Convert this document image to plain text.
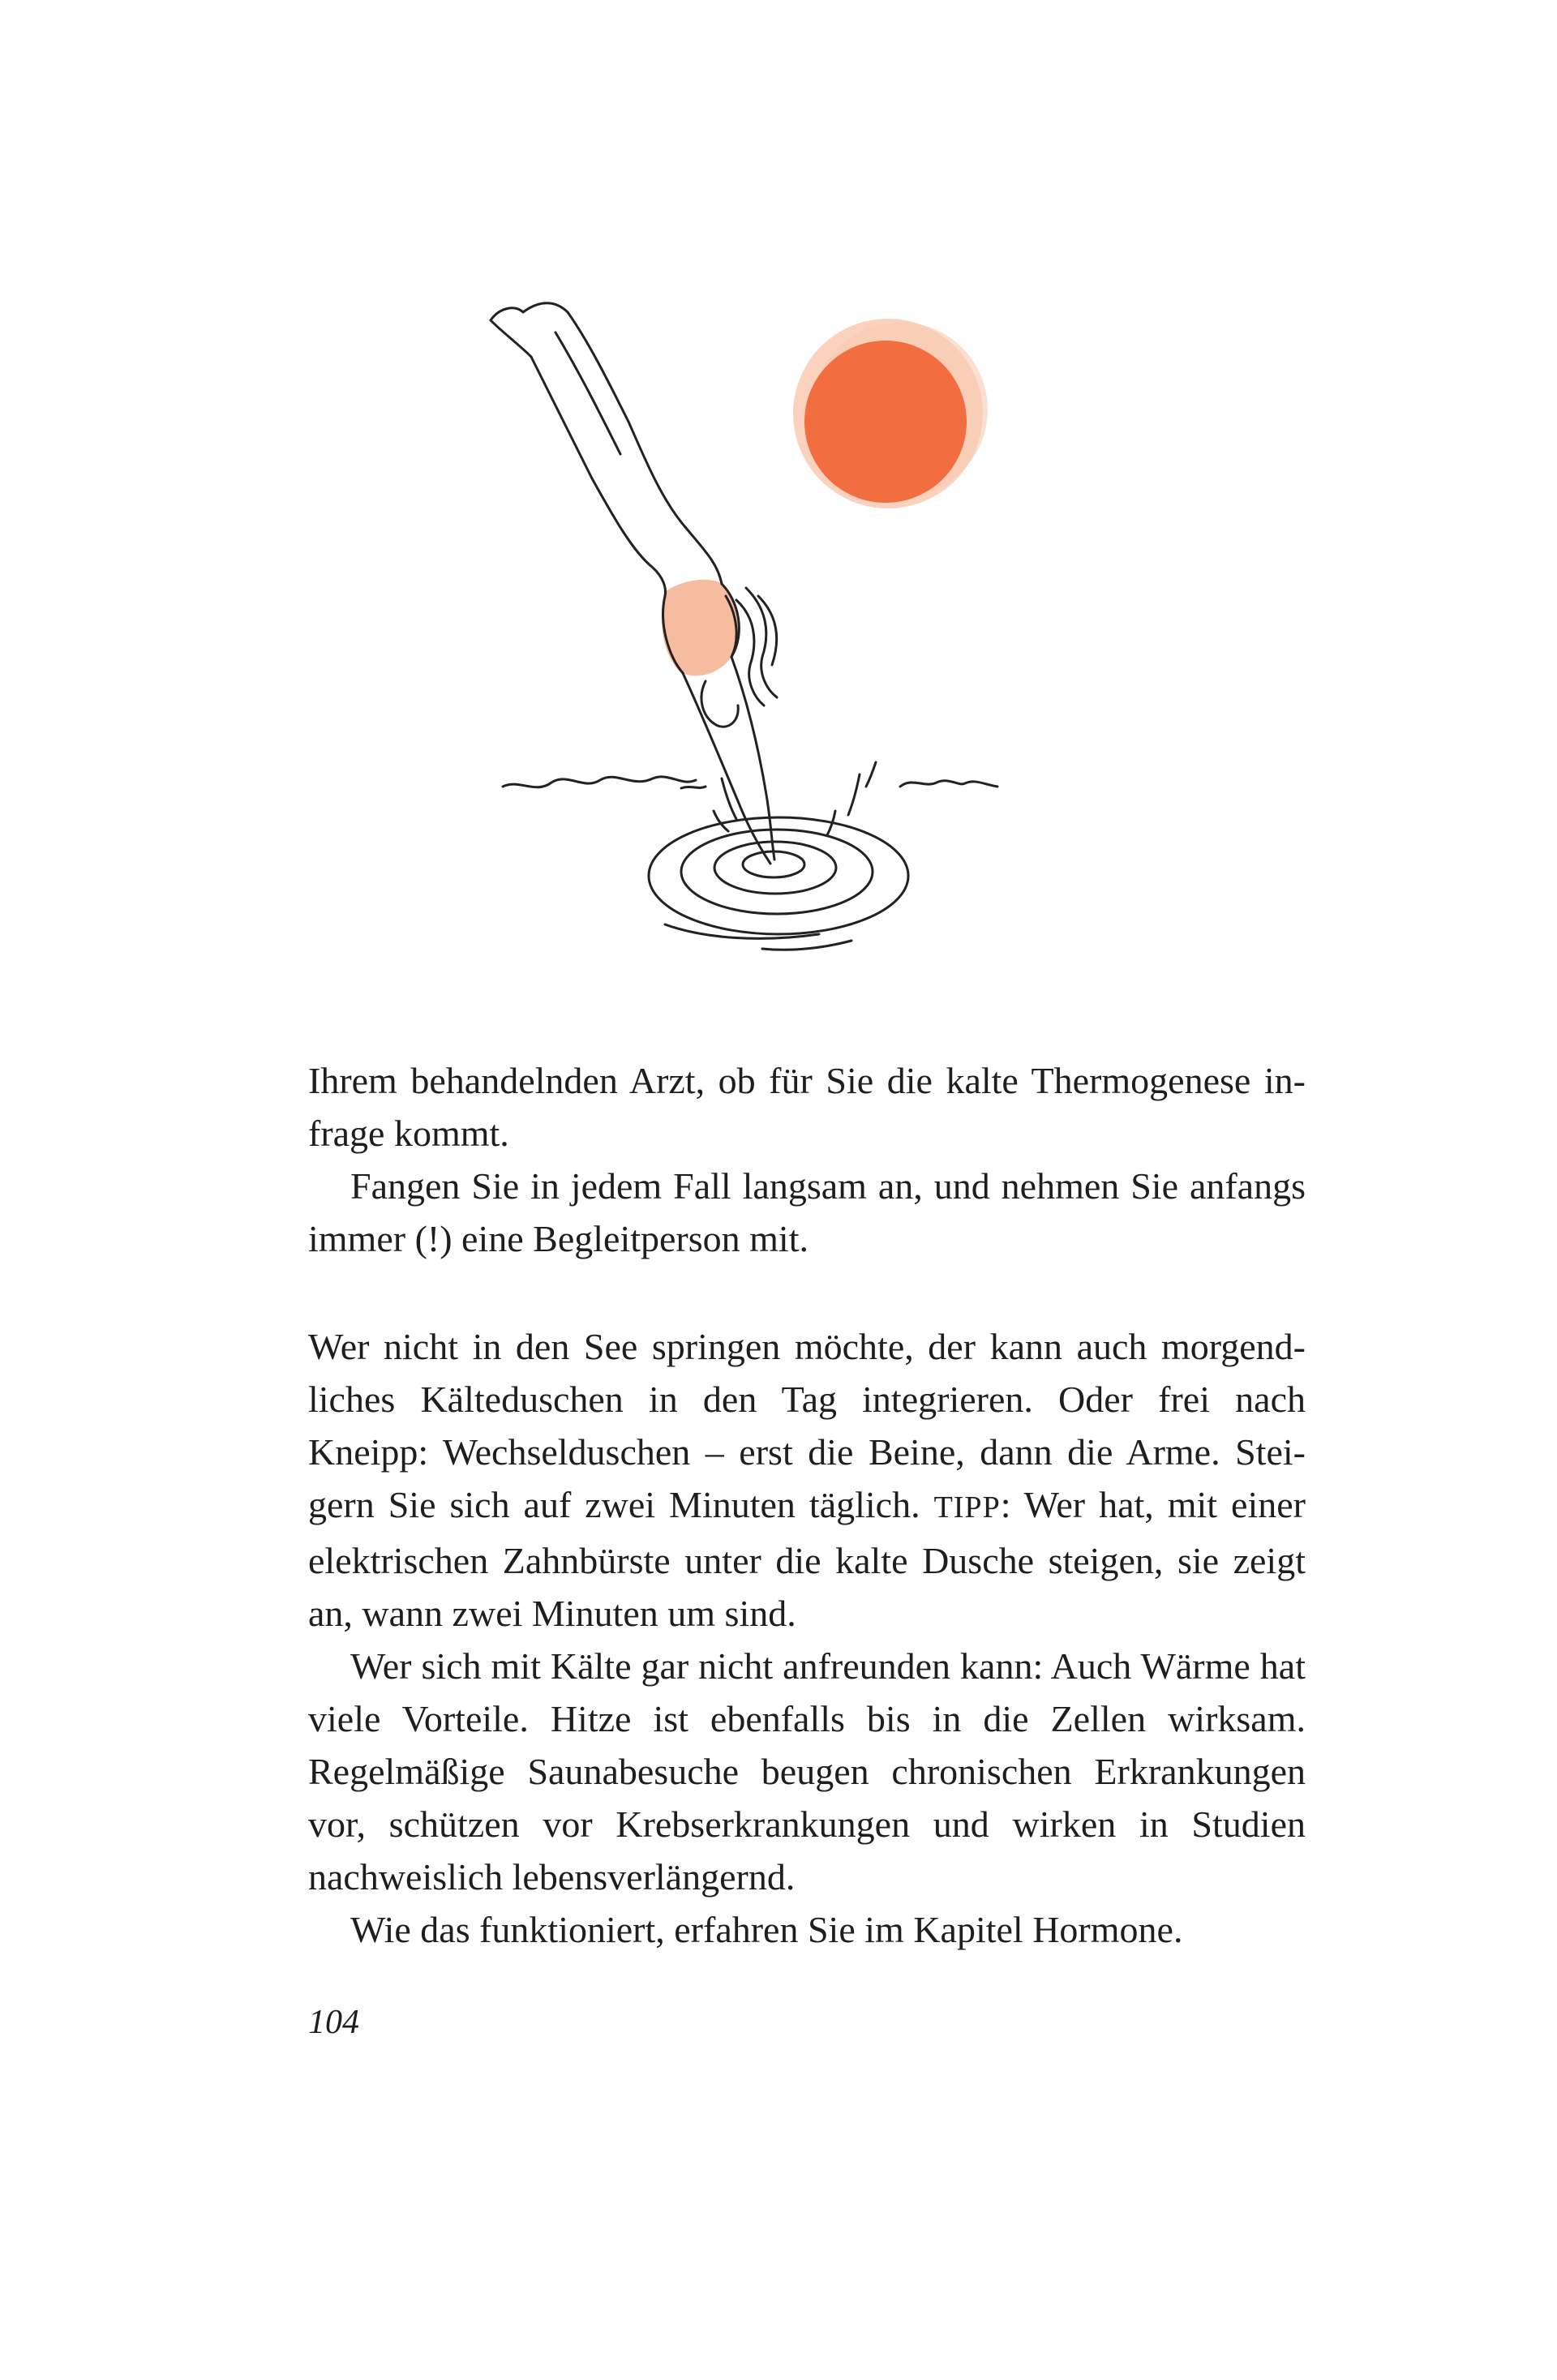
Ihrem behandelnden Arzt, ob für Sie die kalte Thermogenese infrage kommt.

Fangen Sie in jedem Fall langsam an, und nehmen Sie anfangs immer (!) eine Begleitperson mit.

Wer nicht in den See springen möchte, der kann auch morgendliches Kälteduschen in den Tag integrieren. Oder frei nach Kneipp: Wechselduschen – erst die Beine, dann die Arme. Steigern Sie sich auf zwei Minuten täglich. TIPP: Wer hat, mit einer elektrischen Zahnbürste unter die kalte Dusche steigen, sie zeigt an, wann zwei Minuten um sind.

Wer sich mit Kälte gar nicht anfreunden kann: Auch Wärme hat viele Vorteile. Hitze ist ebenfalls bis in die Zellen wirksam. Regelmäßige Saunabesuche beugen chronischen Erkrankungen vor, schützen vor Krebserkrankungen und wirken in Studien nachweislich lebensverlängernd.

Wie das funktioniert, erfahren Sie im Kapitel Hormone.

104
